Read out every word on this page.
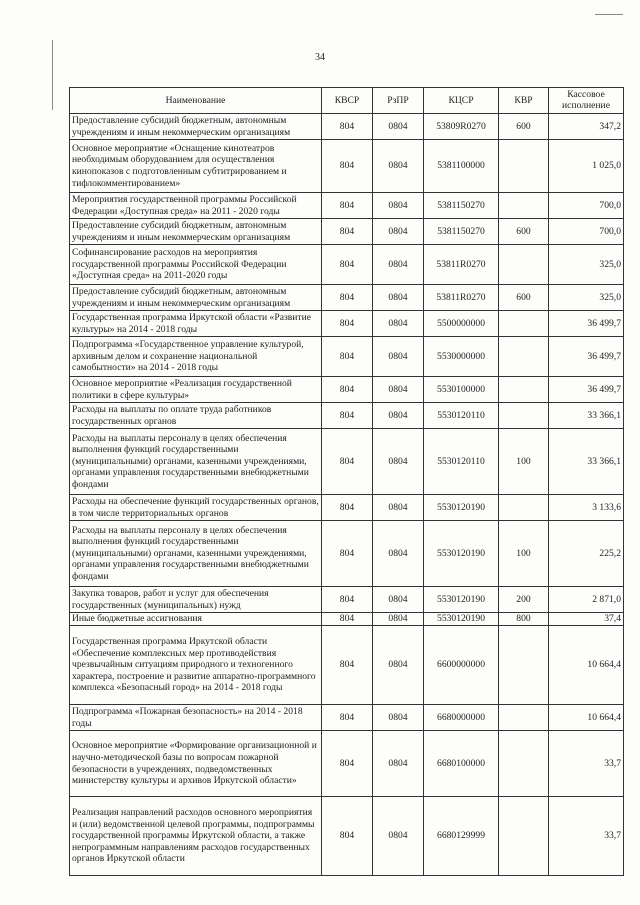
34
Наименование	КВСР	РзПР	КЦСР	КВР	Кассовое исполнение
Предоставление субсидий бюджетным, автономным учреждениям и иным некоммерческим организациям	804	0804	53809R0270	600	347,2
Основное мероприятие «Оснащение кинотеатров необходимым оборудованием для осуществления кинопоказов с подготовленным субтитрированием и тифлокомментированием»	804	0804	5381100000		1 025,0
Мероприятия государственной программы Российской Федерации «Доступная среда» на 2011 - 2020 годы	804	0804	5381150270		700,0
Предоставление субсидий бюджетным, автономным учреждениям и иным некоммерческим организациям	804	0804	5381150270	600	700,0
Софинансирование расходов на мероприятия государственной программы Российской Федерации «Доступная среда» на 2011-2020 годы	804	0804	53811R0270		325,0
Предоставление субсидий бюджетным, автономным учреждениям и иным некоммерческим организациям	804	0804	53811R0270	600	325,0
Государственная программа Иркутской области «Развитие культуры» на 2014 - 2018 годы	804	0804	5500000000		36 499,7
Подпрограмма «Государственное управление культурой, архивным делом и сохранение национальной самобытности» на 2014 - 2018 годы	804	0804	5530000000		36 499,7
Основное мероприятие «Реализация государственной политики в сфере культуры»	804	0804	5530100000		36 499,7
Расходы на выплаты по оплате труда работников государственных органов	804	0804	5530120110		33 366,1
Расходы на выплаты персоналу в целях обеспечения выполнения функций государственными (муниципальными) органами, казенными учреждениями, органами управления государственными внебюджетными фондами	804	0804	5530120110	100	33 366,1
Расходы на обеспечение функций государственных органов, в том числе территориальных органов	804	0804	5530120190		3 133,6
Расходы на выплаты персоналу в целях обеспечения выполнения функций государственными (муниципальными) органами, казенными учреждениями, органами управления государственными внебюджетными фондами	804	0804	5530120190	100	225,2
Закупка товаров, работ и услуг для обеспечения государственных (муниципальных) нужд	804	0804	5530120190	200	2 871,0
Иные бюджетные ассигнования	804	0804	5530120190	800	37,4
Государственная программа Иркутской области «Обеспечение комплексных мер противодействия чрезвычайным ситуациям природного и техногенного характера, построение и развитие аппаратно-программного комплекса «Безопасный город» на 2014 - 2018 годы	804	0804	6600000000		10 664,4
Подпрограмма «Пожарная безопасность» на 2014 - 2018 годы	804	0804	6680000000		10 664,4
Основное мероприятие «Формирование организационной и научно-методической базы по вопросам пожарной безопасности в учреждениях, подведомственных министерству культуры и архивов Иркутской области»	804	0804	6680100000		33,7
Реализация направлений расходов основного мероприятия и (или) ведомственной целевой программы, подпрограммы государственной программы Иркутской области, а также непрограммным направлениям расходов государственных органов Иркутской области	804	0804	6680129999		33,7
